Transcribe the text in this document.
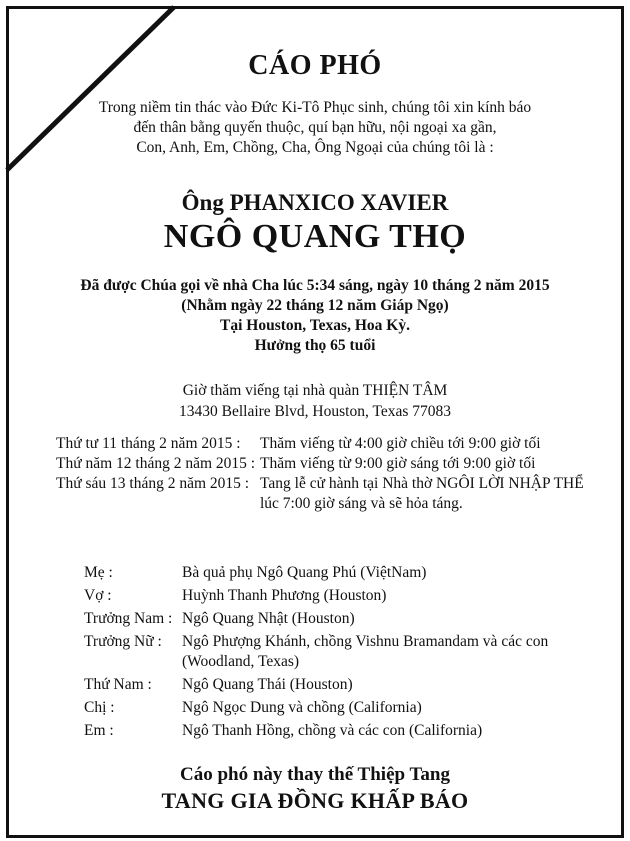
CÁO PHÓ
Trong niềm tin thác vào Đức Ki-Tô Phục sinh, chúng tôi xin kính báo
đến thân bằng quyến thuộc, quí bạn hữu, nội ngoại xa gần,
Con, Anh, Em, Chồng, Cha, Ông Ngoại của chúng tôi là :
Ông PHANXICO XAVIER
NGÔ QUANG THỌ
Đã được Chúa gọi về nhà Cha lúc 5:34 sáng, ngày 10 tháng 2 năm 2015
(Nhằm ngày 22 tháng 12 năm Giáp Ngọ)
Tại Houston, Texas, Hoa Kỳ.
Hưởng thọ 65 tuổi
Giờ thăm viếng tại nhà quàn THIỆN TÂM
13430 Bellaire Blvd, Houston, Texas 77083
Thứ tư 11 tháng 2 năm 2015 :	Thăm viếng từ 4:00 giờ chiều tới 9:00 giờ tối
Thứ năm 12 tháng 2 năm 2015 : Thăm viếng từ 9:00 giờ sáng tới 9:00 giờ tối
Thứ sáu 13 tháng 2 năm 2015 : Tang lễ cử hành tại Nhà thờ NGÔI LỜI NHẬP THỂ
lúc 7:00 giờ sáng và sẽ hỏa táng.
Mẹ :	Bà quả phụ Ngô Quang Phú (ViệtNam)
Vợ :	Huỳnh Thanh Phương (Houston)
Trưởng Nam : Ngô Quang Nhật (Houston)
Trưởng Nữ :	Ngô Phượng Khánh, chồng Vishnu Bramandam và các con
(Woodland, Texas)
Thứ Nam :	Ngô Quang Thái (Houston)
Chị :	Ngô Ngọc Dung và chồng (California)
Em :	Ngô Thanh Hồng, chồng và các con (California)
Cáo phó này thay thế Thiệp Tang
TANG GIA ĐỒNG KHẤP BÁO
